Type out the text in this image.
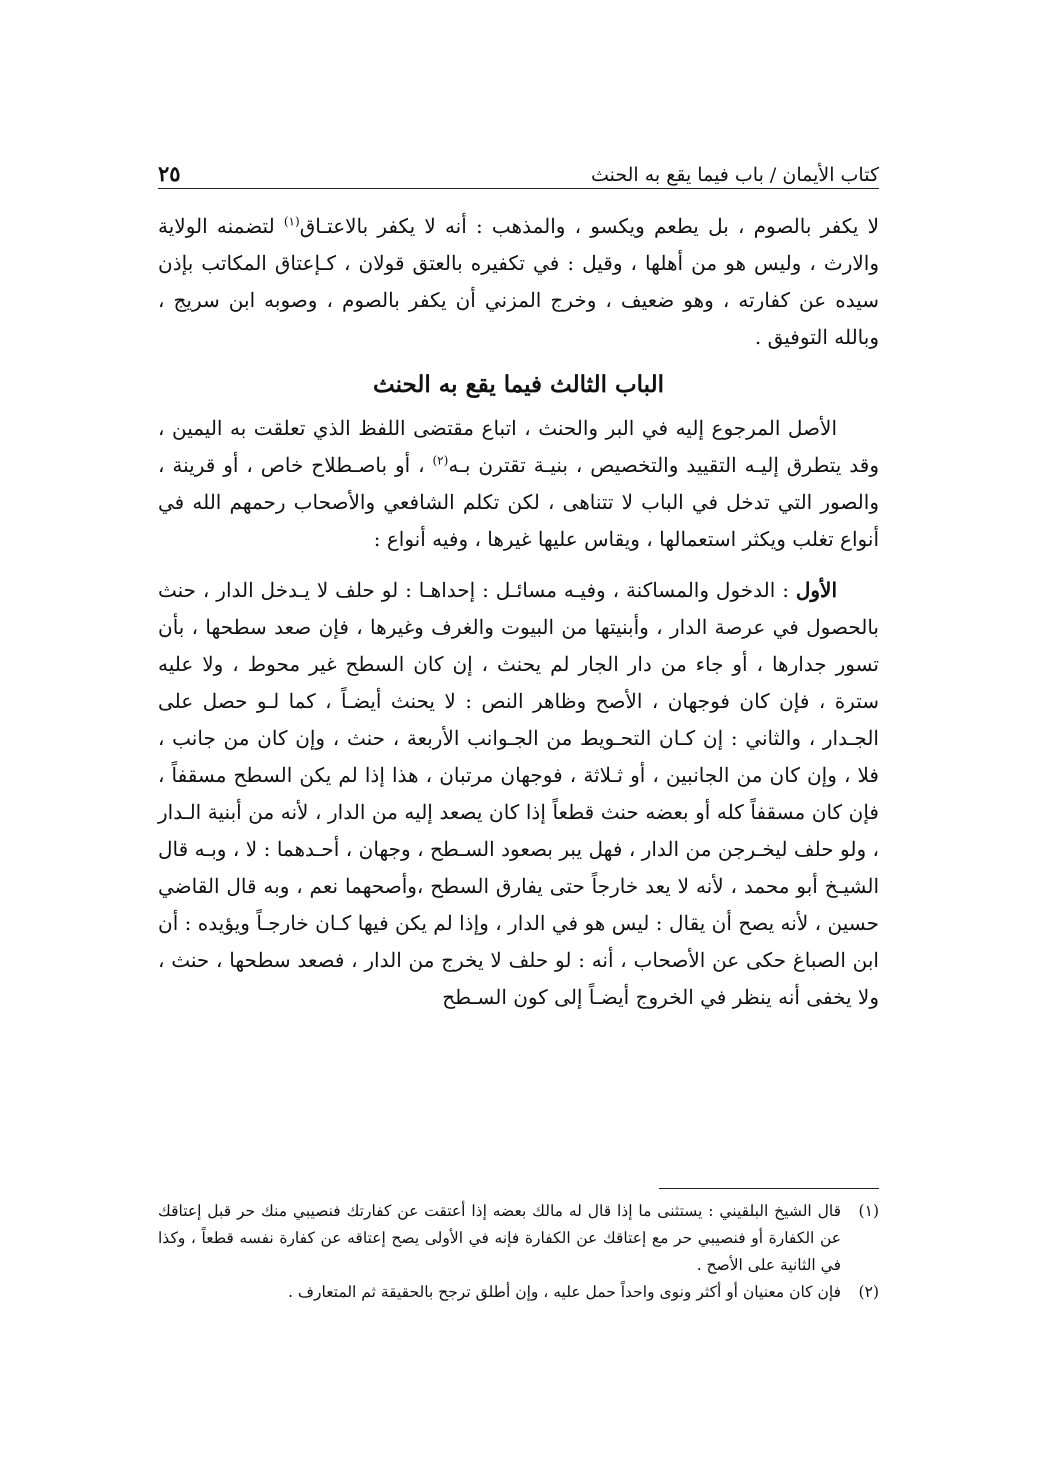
كتاب الأيمان / باب فيما يقع به الحنث
٢٥

لا يكفر بالصوم ، بل يطعم ويكسو ، والمذهب : أنه لا يكفر بالاعتـاق$^{(١)}$ لتضمنه الولاية والارث ، وليس هو من أهلها ، وقيل : في تكفيره بالعتق قولان ، كـإعتاق المكاتب بإذن سيده عن كفارته ، وهو ضعيف ، وخرج المزني أن يكفر بالصوم ، وصوبه ابن سريج ، وبالله التوفيق .

الباب الثالث فيما يقع به الحنث

الأصل المرجوع إليه في البر والحنث ، اتباع مقتضى اللفظ الذي تعلقت به اليمين ، وقد يتطرق إليـه التقييد والتخصيص ، بنيـة تقترن بـه$^{(٢)}$ ، أو باصـطلاح خاص ، أو قرينة ، والصور التي تدخل في الباب لا تتناهى ، لكن تكلم الشافعي والأصحاب رحمهم الله في أنواع تغلب ويكثر استعمالها ، ويقاس عليها غيرها ، وفيه أنواع :

الأول : الدخول والمساكنة ، وفيـه مسائـل : إحداهـا : لو حلف لا يـدخل الدار ، حنث بالحصول في عرصة الدار ، وأبنيتها من البيوت والغرف وغيرها ، فإن صعد سطحها ، بأن تسور جدارها ، أو جاء من دار الجار لم يحنث ، إن كان السطح غير محوط ، ولا عليه سترة ، فإن كان فوجهان ، الأصح وظاهر النص : لا يحنث أيضـاً ، كما لـو حصل على الجـدار ، والثاني : إن كـان التحـويط من الجـوانب الأربعة ، حنث ، وإن كان من جانب ، فلا ، وإن كان من الجانبين ، أو ثـلاثة ، فوجهان مرتبان ، هذا إذا لم يكن السطح مسقفاً ، فإن كان مسقفاً كله أو بعضه حنث قطعاً إذا كان يصعد إليه من الدار ، لأنه من أبنية الـدار ، ولو حلف ليخـرجن من الدار ، فهل يبر بصعود السـطح ، وجهان ، أحـدهما : لا ، وبـه قال الشيـخ أبو محمد ، لأنه لا يعد خارجاً حتى يفارق السطح ،وأصحهما نعم ، وبه قال القاضي حسين ، لأنه يصح أن يقال : ليس هو في الدار ، وإذا لم يكن فيها كـان خارجـاً ويؤيده : أن ابن الصباغ حكى عن الأصحاب ، أنه : لو حلف لا يخرج من الدار ، فصعد سطحها ، حنث ، ولا يخفى أنه ينظر في الخروج أيضـاً إلى كون السـطح

(١)
قال الشيخ البلقيني : يستثنى ما إذا قال له مالك بعضه إذا أعتقت عن كفارتك فنصيبي منك حر قبل إعتاقك عن الكفارة أو فنصيبي حر مع إعتاقك عن الكفارة فإنه في الأولى يصح إعتاقه عن كفارة نفسه قطعاً ، وكذا في الثانية على الأصح .
(٢)
فإن كان معنيان أو أكثر ونوى واحداً حمل عليه ، وإن أطلق ترجح بالحقيقة ثم المتعارف .
